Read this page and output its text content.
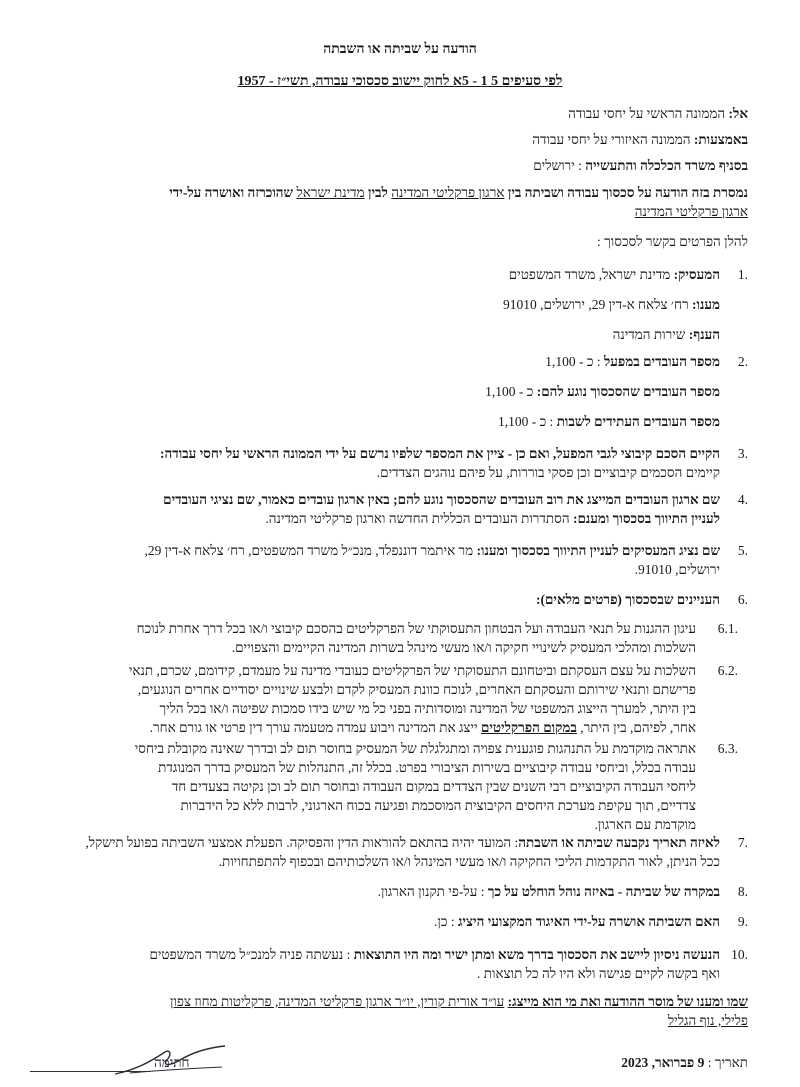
הודעה על שביתה או השבתה
לפי סעיפים 5 1 - 5א לחוק יישוב סכסוכי עבודה, תשי״ז - 1957
אל: הממונה הראשי על יחסי עבודה
באמצעות: הממונה האיזורי על יחסי עבודה
בסניף משרד הכלכלה והתעשייה : ירושלים
נמסרת בזה הודעה על סכסוך עבודה ושביתה בין ארגון פרקליטי המדינה לבין מדינת ישראל שהוכרזה ואושרה על-ידי
ארגון פרקליטי המדינה
להלן הפרטים בקשר לסכסוך :
.1
המעסיק: מדינת ישראל, משרד המשפטים
מענו: רח׳ צלאח א-דין 29, ירושלים, 91010
הענף: שירות המדינה
.2
מספר העובדים במפעל : כ - 1,100
מספר העובדים שהסכסוך נוגע להם: כ - 1,100
מספר העובדים העתידים לשבות : כ - 1,100
.3
הקיים הסכם קיבוצי לגבי המפעל, ואם כן - ציין את המספר שלפיו נרשם על ידי הממונה הראשי על יחסי עבודה:
קיימים הסכמים קיבוציים וכן פסקי בוררות, על פיהם נוהגים הצדדים.
.4
שם ארגון העובדים המייצג את רוב העובדים שהסכסוך נוגע להם; באין ארגון עובדים כאמור, שם נציגי העובדים
לעניין התיווך בסכסוך ומענם: הסתדרות העובדים הכללית החדשה וארגון פרקליטי המדינה.
.5
שם נציג המעסיקים לעניין התיווך בסכסוך ומענו: מר איתמר דוננפלד, מנכ״ל משרד המשפטים, רח׳ צלאח א-דין 29,
ירושלים, 91010.
.6
העניינים שבסכסוך (פרטים מלאים):
.6.1
עיגון ההגנות על תנאי העבודה ועל הבטחון התעסוקתי של הפרקליטים בהסכם קיבוצי ו/או בכל דרך אחרת לנוכח
השלכות ומהלכי המעסיק לשינויי חקיקה ו/או מעשי מינהל בשרות המדינה הקיימים והצפויים.
.6.2
השלכות על עצם העסקתם וביטחונם התעסוקתי של הפרקליטים כעובדי מדינה על מעמדם, קידומם, שכרם, תנאי
פרישתם ותנאי שירותם והעסקתם האחרים, לנוכח כוונת המעסיק לקדם ולבצע שינויים יסודיים אחרים הנוגעים,
בין היתר, למערך הייצוג המשפטי של המדינה ומוסדותיה בפני כל מי שיש בידו סמכות שפיטה ו/או בכל הליך
אחר, לפיהם, בין היתר, במקום הפרקליטים ייצג את המדינה ויבוע עמדה מטעמה עורך דין פרטי או גורם אחר.
.6.3
אתראה מוקדמת על התנהגות פוגענית צפויה ומתגלגלת של המעסיק בחוסר תום לב ובדרך שאינה מקובלת ביחסי
עבודה בכלל, וביחסי עבודה קיבוציים בשירות הציבורי בפרט. בכלל זה, התנהלות של המעסיק בדרך המנוגדת
ליחסי העבודה הקיבוציים רבי השנים שבין הצדדים במקום העבודה ובחוסר תום לב וכן נקיטה בצעדים חד
צדדיים, תוך עקיפת מערכת היחסים הקיבוצית המוסכמת ופגיעה בכוח הארגוני, לרבות ללא כל הידברות
מוקדמת עם הארגון.
.7
לאיזה תאריך נקבעה שביתה או השבתה: המועד יהיה בהתאם להוראות הדין והפסיקה. הפעלת אמצעי השביתה בפועל תישקל,
ככל הניתן, לאור התקדמות הליכי החקיקה ו/או מעשי המינהל ו/או השלכותיהם ובכפוף להתפתחויות.
.8
במקרה של שביתה - באיזה נוהל הוחלט על כך : על-פי תקנון הארגון.
.9
האם השביתה אושרה על-ידי האיגוד המקצועי היציג : כן.
.10
הנעשה ניסיון ליישב את הסכסוך בדרך משא ומתן ישיר ומה היו התוצאות : נעשתה פניה למנכ״ל משרד המשפטים
ואף בקשה לקיים פגישה ולא היו לה כל תוצאות .
שמו ומענו של מוסר ההודעה ואת מי הוא מייצג: עו״ד אורית קורין, יו״ר ארגון פרקליטי המדינה, פרקליטות מחוז צפון
פלילי, נוף הגליל
תאריך : 9 פברואר, 2023
חתימה
